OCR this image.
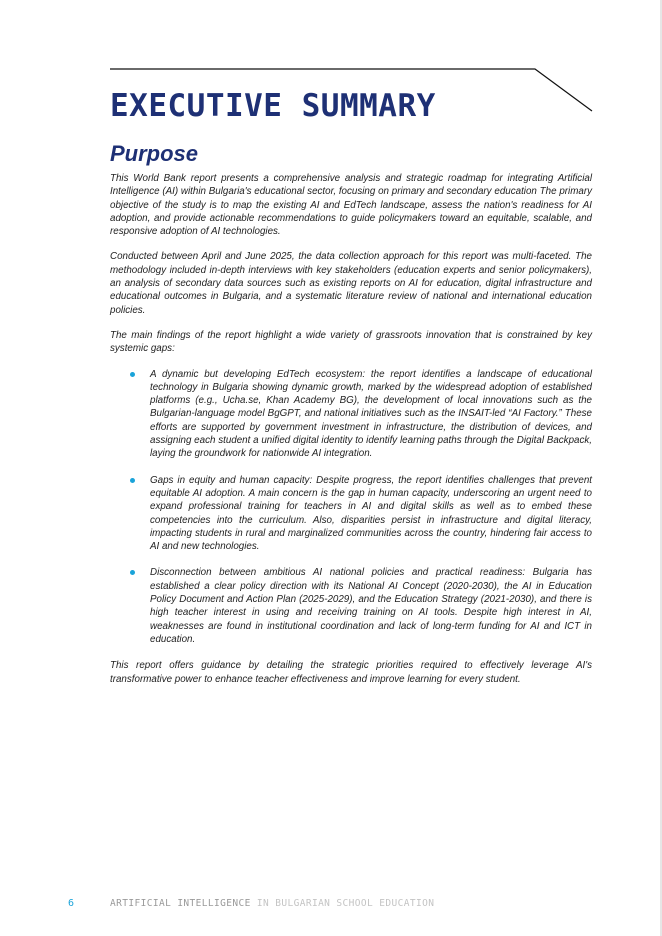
EXECUTIVE SUMMARY
Purpose

This World Bank report presents a comprehensive analysis and strategic roadmap for integrating Artificial Intelligence (AI) within Bulgaria's educational sector, focusing on primary and secondary education The primary objective of the study is to map the existing AI and EdTech landscape, assess the nation's readiness for AI adoption, and provide actionable recommendations to guide policymakers toward an equitable, scalable, and responsive adoption of AI technologies.

Conducted between April and June 2025, the data collection approach for this report was multi-faceted. The methodology included in-depth interviews with key stakeholders (education experts and senior policymakers), an analysis of secondary data sources such as existing reports on AI for education, digital infrastructure and educational outcomes in Bulgaria, and a systematic literature review of national and international education policies.

The main findings of the report highlight a wide variety of grassroots innovation that is constrained by key systemic gaps:

A dynamic but developing EdTech ecosystem: the report identifies a landscape of educational technology in Bulgaria showing dynamic growth, marked by the widespread adoption of established platforms (e.g., Ucha.se, Khan Academy BG), the development of local innovations such as the Bulgarian-language model BgGPT, and national initiatives such as the INSAIT-led “AI Factory.” These efforts are supported by government investment in infrastructure, the distribution of devices, and assigning each student a unified digital identity to identify learning paths through the Digital Backpack, laying the groundwork for nationwide AI integration.
Gaps in equity and human capacity: Despite progress, the report identifies challenges that prevent equitable AI adoption. A main concern is the gap in human capacity, underscoring an urgent need to expand professional training for teachers in AI and digital skills as well as to embed these competencies into the curriculum. Also, disparities persist in infrastructure and digital literacy, impacting students in rural and marginalized communities across the country, hindering fair access to AI and new technologies.
Disconnection between ambitious AI national policies and practical readiness: Bulgaria has established a clear policy direction with its National AI Concept (2020-2030), the AI in Education Policy Document and Action Plan (2025-2029), and the Education Strategy (2021-2030), and there is high teacher interest in using and receiving training on AI tools. Despite high interest in AI, weaknesses are found in institutional coordination and lack of long-term funding for AI and ICT in education.

This report offers guidance by detailing the strategic priorities required to effectively leverage AI's transformative power to enhance teacher effectiveness and improve learning for every student.

6	ARTIFICIAL INTELLIGENCE IN BULGARIAN SCHOOL EDUCATION
